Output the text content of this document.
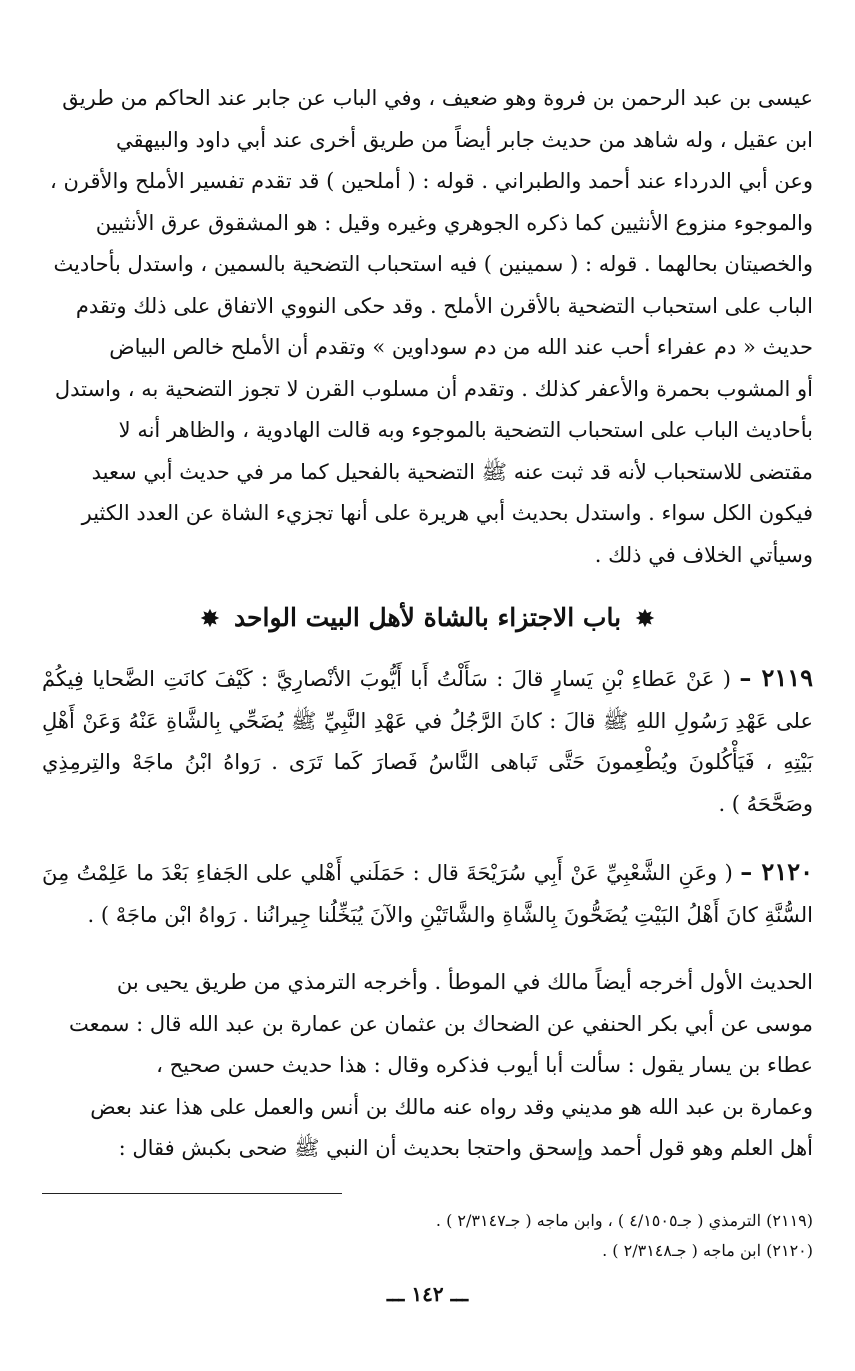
عيسى بن عبد الرحمن بن فروة وهو ضعيف ، وفي الباب عن جابر عند الحاكم من طريق

ابن عقيل ، وله شاهد من حديث جابر أيضاً من طريق أخرى عند أبي داود والبيهقي

وعن أبي الدرداء عند أحمد والطبراني . قوله : ( أملحين ) قد تقدم تفسير الأملح والأقرن ،

والموجوء منزوع الأنثيين كما ذكره الجوهري وغيره وقيل : هو المشقوق عرق الأنثيين

والخصيتان بحالهما . قوله : ( سمينين ) فيه استحباب التضحية بالسمين ، واستدل بأحاديث

الباب على استحباب التضحية بالأقرن الأملح . وقد حكى النووي الاتفاق على ذلك وتقدم

حديث « دم عفراء أحب عند الله من دم سوداوين » وتقدم أن الأملح خالص البياض

أو المشوب بحمرة والأعفر كذلك . وتقدم أن مسلوب القرن لا تجوز التضحية به ، واستدل

بأحاديث الباب على استحباب التضحية بالموجوء وبه قالت الهادوية ، والظاهر أنه لا

مقتضى للاستحباب لأنه قد ثبت عنه ﷺ التضحية بالفحيل كما مر في حديث أبي سعيد

فيكون الكل سواء . واستدل بحديث أبي هريرة على أنها تجزيء الشاة عن العدد الكثير

وسيأتي الخلاف في ذلك .

✸ باب الاجتزاء بالشاة لأهل البيت الواحد ✸

٢١١٩ – ( عَنْ عَطاءِ بْنِ يَسارٍ قالَ : سَأَلْتُ أَبا أَيُّوبَ الأنْصارِيَّ : كَيْفَ كانَتِ الضَّحايا فِيكُمْ على عَهْدِ رَسُولِ اللهِ ﷺ قالَ : كانَ الرَّجُلُ في عَهْدِ النَّبِيِّ ﷺ يُضَحِّي بِالشَّاةِ عَنْهُ وَعَنْ أَهْلِ بَيْتِهِ ، فَيَأْكُلونَ ويُطْعِمونَ حَتَّى تَباهى النَّاسُ فَصارَ كَما تَرَى . رَواهُ ابْنُ ماجَهْ والتِرمِذِي وصَحَّحَهُ ) .

٢١٢٠ – ( وعَنِ الشَّعْبِيِّ عَنْ أَبِي سُرَيْحَةَ قال : حَمَلَني أَهْلي على الجَفاءِ بَعْدَ ما عَلِمْتُ مِنَ السُّنَّةِ كانَ أَهْلُ البَيْتِ يُضَحُّونَ بِالشَّاةِ والشَّاتَيْنِ والآنَ يُبَخِّلُنا جِيرانُنا . رَواهُ ابْن ماجَهْ ) .

الحديث الأول أخرجه أيضاً مالك في الموطأ . وأخرجه الترمذي من طريق يحيى بن

موسى عن أبي بكر الحنفي عن الضحاك بن عثمان عن عمارة بن عبد الله قال : سمعت

عطاء بن يسار يقول : سألت أبا أيوب فذكره وقال : هذا حديث حسن صحيح ،

وعمارة بن عبد الله هو مديني وقد رواه عنه مالك بن أنس والعمل على هذا عند بعض

أهل العلم وهو قول أحمد وإسحق واحتجا بحديث أن النبي ﷺ ضحى بكبش فقال :

(٢١١٩) الترمذي ( جـ٤/١٥٠٥ ) ، وابن ماجه ( جـ٢/٣١٤٧ ) .
(٢١٢٠) ابن ماجه ( جـ٢/٣١٤٨ ) .
ـــ ١٤٢ ـــ
